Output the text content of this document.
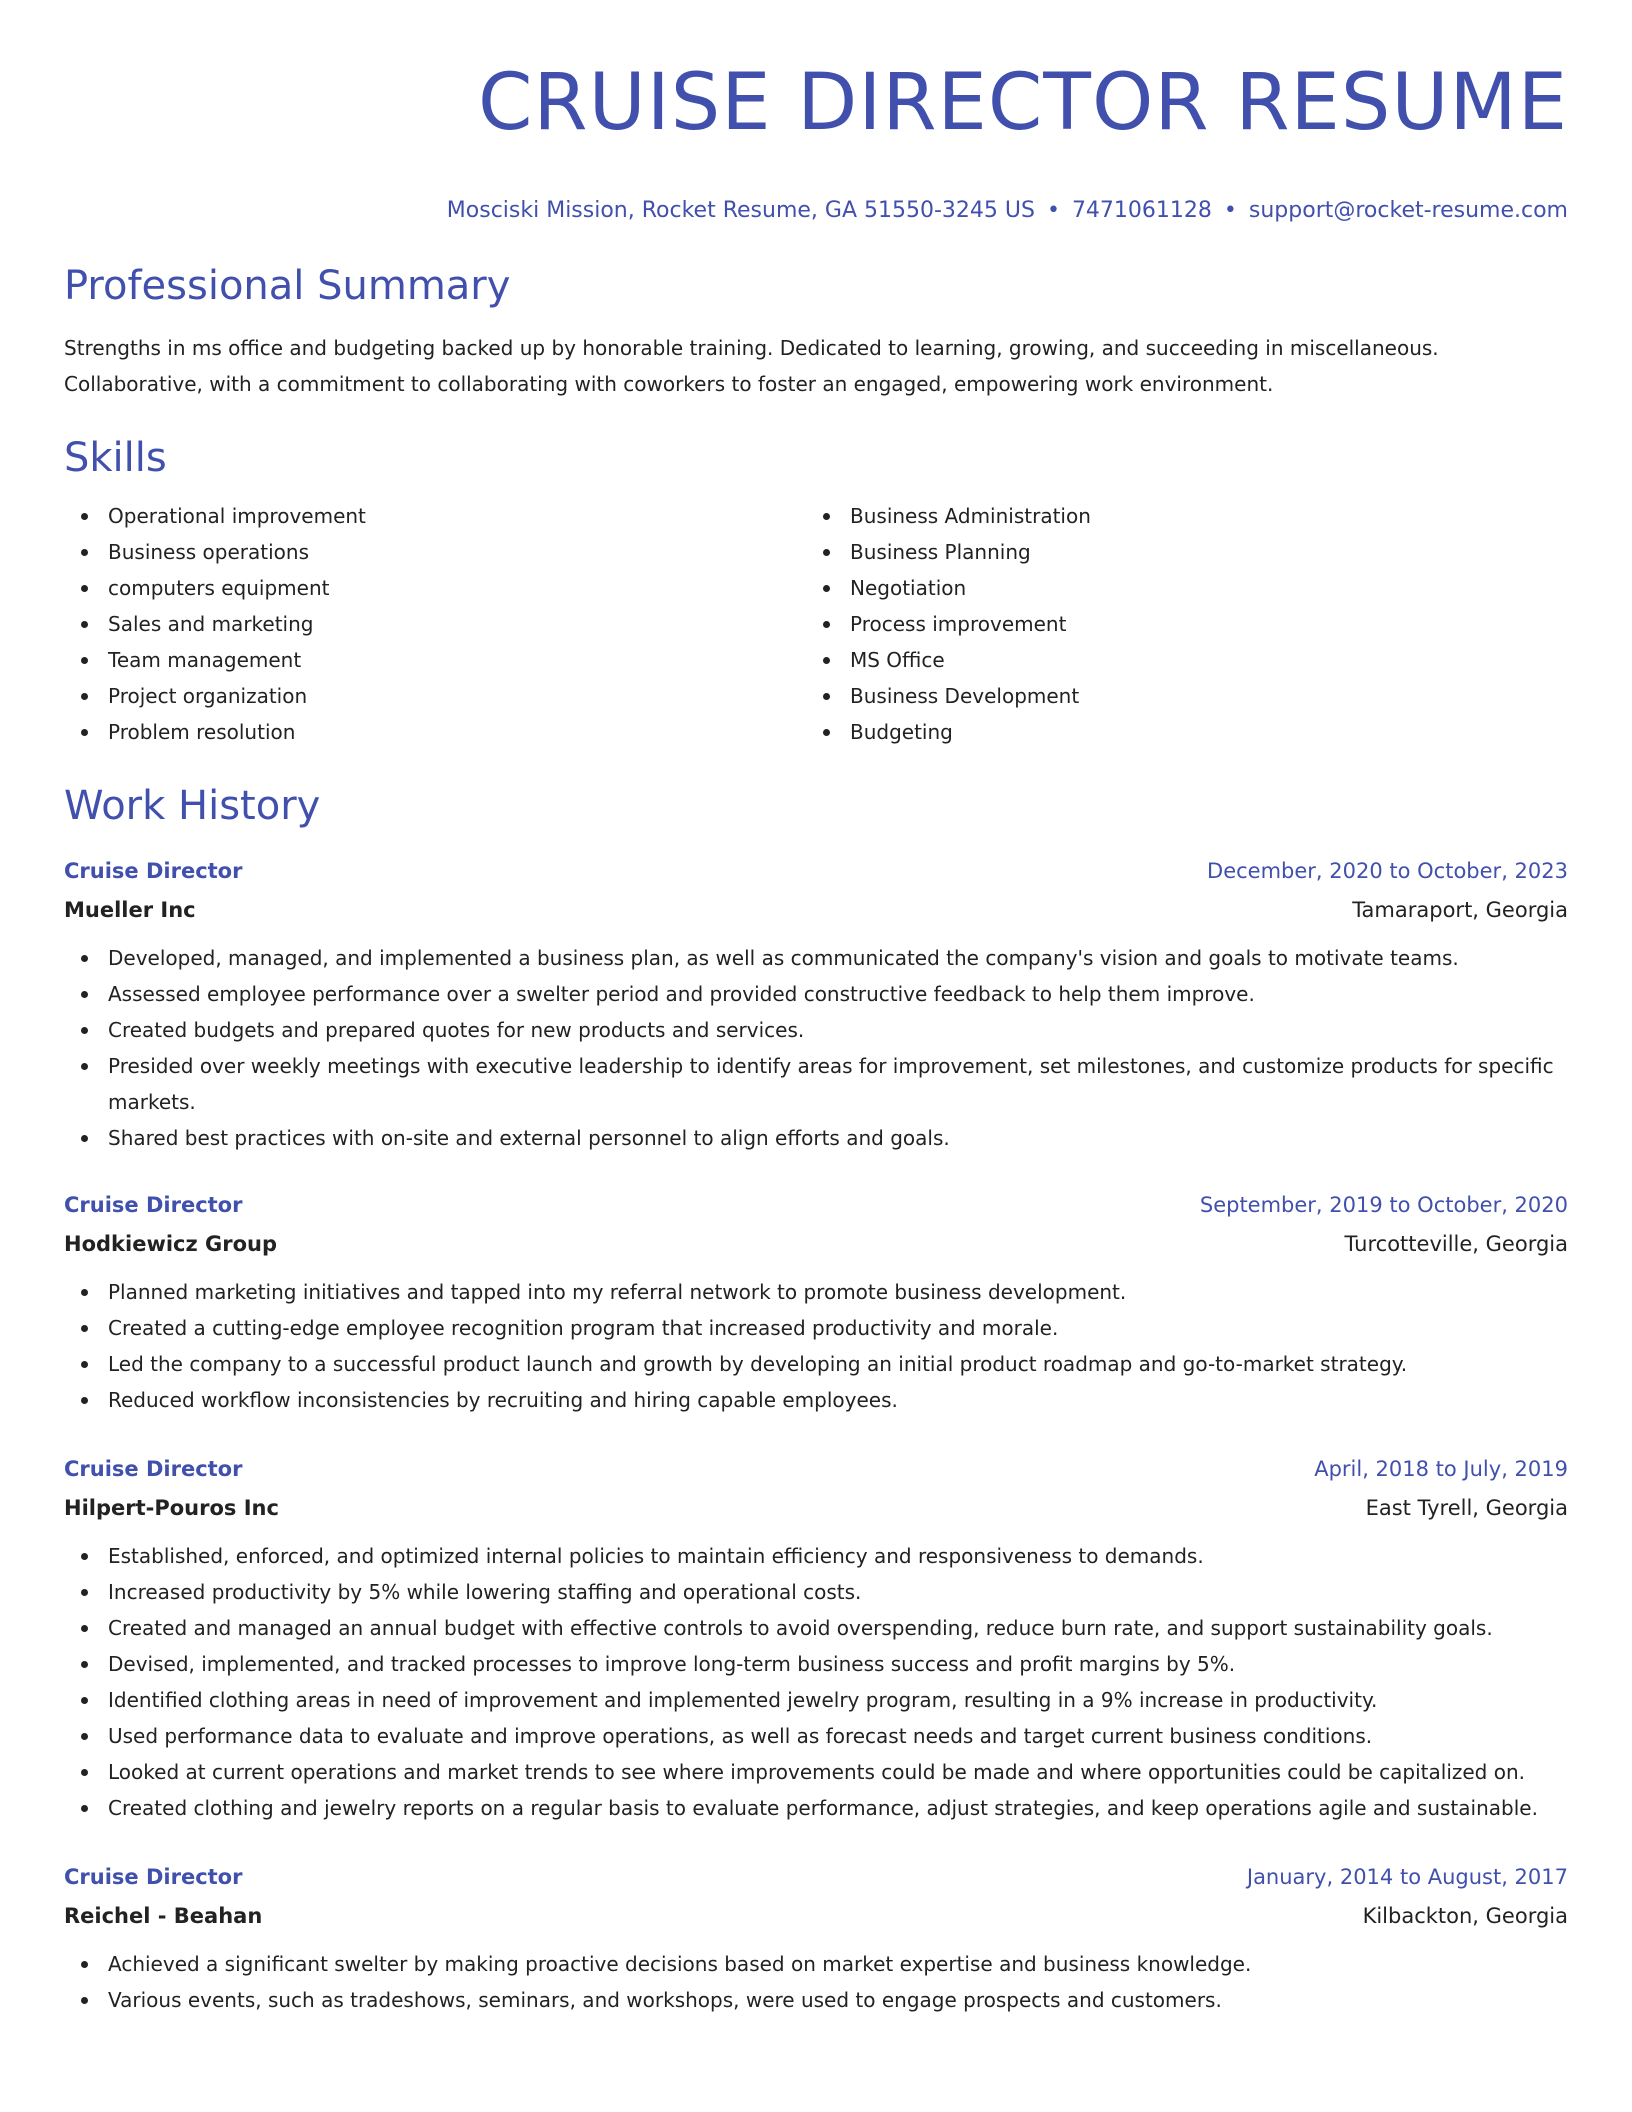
CRUISE DIRECTOR RESUME
Mosciski Mission, Rocket Resume, GA 51550-3245 US • 7471061128 • support@rocket-resume.com
Professional Summary
Strengths in ms office and budgeting backed up by honorable training. Dedicated to learning, growing, and succeeding in miscellaneous. Collaborative, with a commitment to collaborating with coworkers to foster an engaged, empowering work environment.
Skills
Operational improvement
Business operations
computers equipment
Sales and marketing
Team management
Project organization
Problem resolution
Business Administration
Business Planning
Negotiation
Process improvement
MS Office
Business Development
Budgeting
Work History
Cruise Director	December, 2020 to October, 2023
Mueller Inc	Tamaraport, Georgia
Developed, managed, and implemented a business plan, as well as communicated the company's vision and goals to motivate teams.
Assessed employee performance over a swelter period and provided constructive feedback to help them improve.
Created budgets and prepared quotes for new products and services.
Presided over weekly meetings with executive leadership to identify areas for improvement, set milestones, and customize products for specific markets.
Shared best practices with on-site and external personnel to align efforts and goals.
Cruise Director	September, 2019 to October, 2020
Hodkiewicz Group	Turcotteville, Georgia
Planned marketing initiatives and tapped into my referral network to promote business development.
Created a cutting-edge employee recognition program that increased productivity and morale.
Led the company to a successful product launch and growth by developing an initial product roadmap and go-to-market strategy.
Reduced workflow inconsistencies by recruiting and hiring capable employees.
Cruise Director	April, 2018 to July, 2019
Hilpert-Pouros Inc	East Tyrell, Georgia
Established, enforced, and optimized internal policies to maintain efficiency and responsiveness to demands.
Increased productivity by 5% while lowering staffing and operational costs.
Created and managed an annual budget with effective controls to avoid overspending, reduce burn rate, and support sustainability goals.
Devised, implemented, and tracked processes to improve long-term business success and profit margins by 5%.
Identified clothing areas in need of improvement and implemented jewelry program, resulting in a 9% increase in productivity.
Used performance data to evaluate and improve operations, as well as forecast needs and target current business conditions.
Looked at current operations and market trends to see where improvements could be made and where opportunities could be capitalized on.
Created clothing and jewelry reports on a regular basis to evaluate performance, adjust strategies, and keep operations agile and sustainable.
Cruise Director	January, 2014 to August, 2017
Reichel - Beahan	Kilbackton, Georgia
Achieved a significant swelter by making proactive decisions based on market expertise and business knowledge.
Various events, such as tradeshows, seminars, and workshops, were used to engage prospects and customers.
